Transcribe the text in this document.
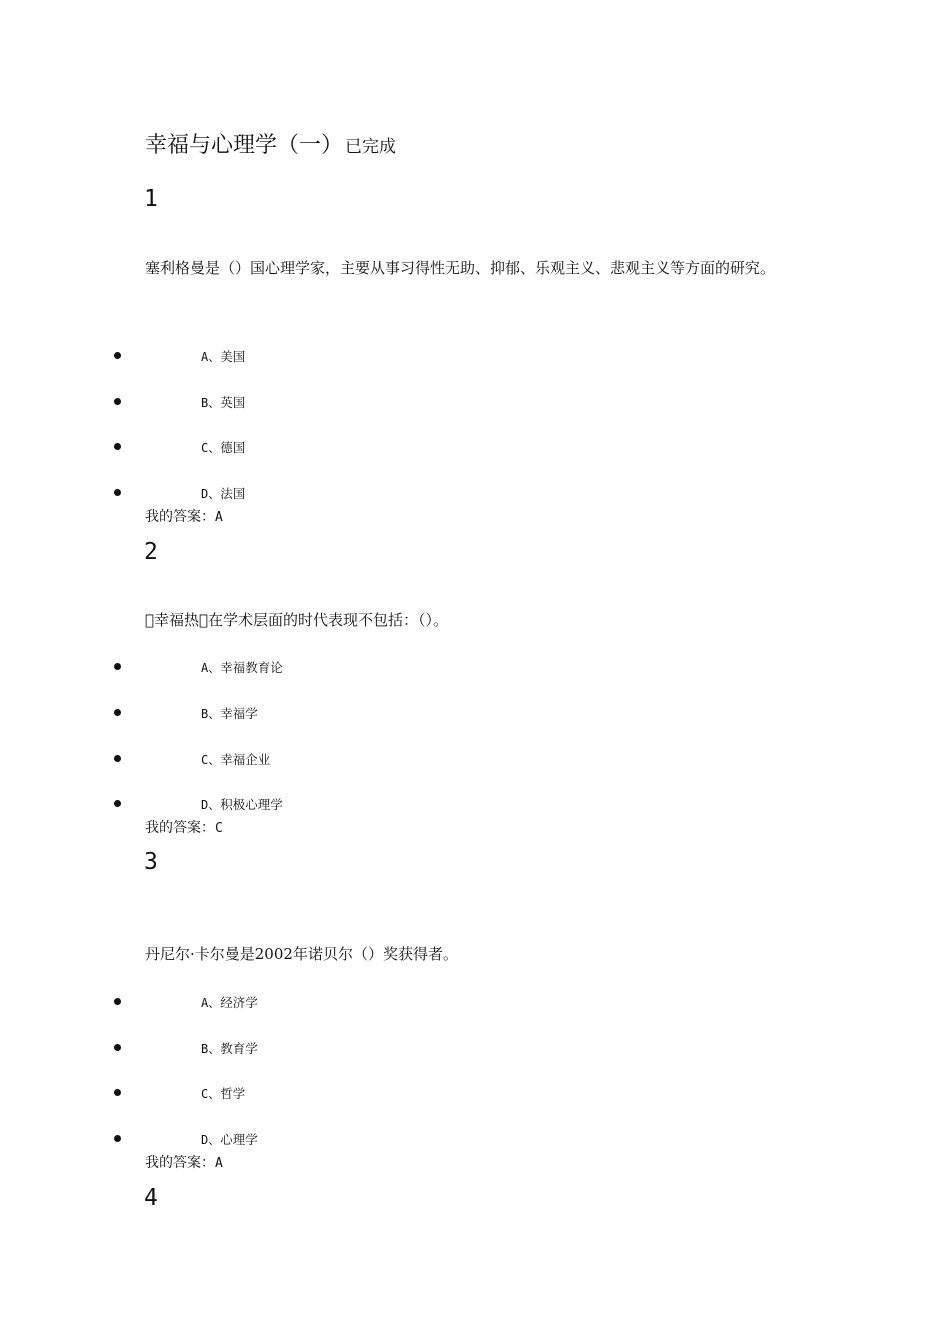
幸福与心理学（一） 已完成
1
塞利格曼是（）国心理学家，主要从事习得性无助、抑郁、乐观主义、悲观主义等方面的研究。
A、美国
B、英国
C、德国
D、法国
我的答案：A
2
 幸福热 在学术层面的时代表现不包括：（）。
A、幸福教育论
B、幸福学
C、幸福企业
D、积极心理学
我的答案：C
3
丹尼尔·卡尔曼是2002年诺贝尔（）奖获得者。
A、经济学
B、教育学
C、哲学
D、心理学
我的答案：A
4
